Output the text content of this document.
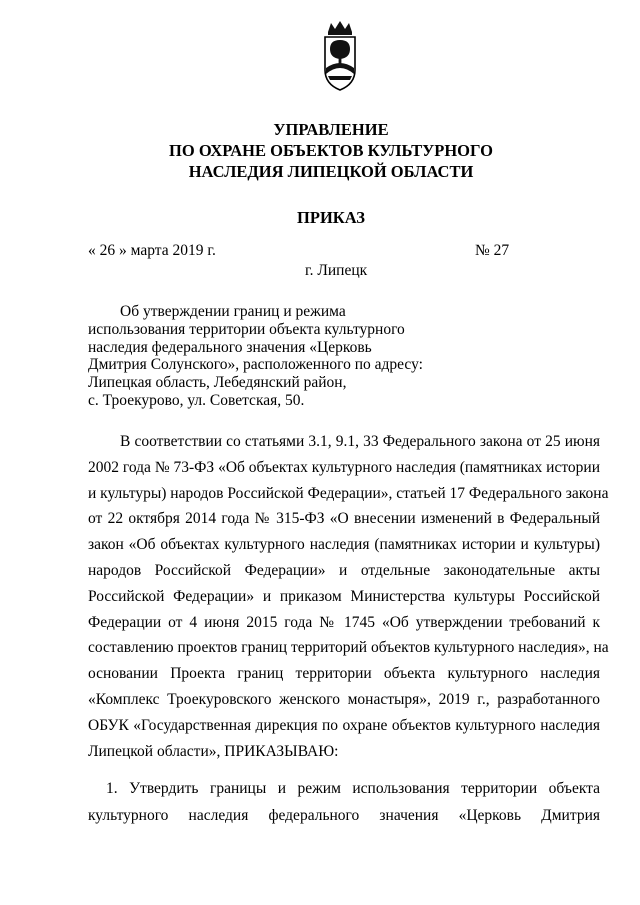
УПРАВЛЕНИЕ
ПО ОХРАНЕ ОБЪЕКТОВ КУЛЬТУРНОГО
НАСЛЕДИЯ ЛИПЕЦКОЙ ОБЛАСТИ
ПРИКАЗ
« 26 » марта 2019 г.	№ 27
г. Липецк
Об утверждении границ и режима
использования территории объекта культурного
наследия федерального значения «Церковь
Дмитрия Солунского», расположенного по адресу:
Липецкая область, Лебедянский район,
с. Троекурово, ул. Советская, 50.
В соответствии со статьями 3.1, 9.1, 33 Федерального закона от 25 июня
2002 года № 73-ФЗ «Об объектах культурного наследия (памятниках истории
и культуры) народов Российской Федерации», статьей 17 Федерального закона
от 22 октября 2014 года № 315-ФЗ «О внесении изменений в Федеральный
закон «Об объектах культурного наследия (памятниках истории и культуры)
народов Российской Федерации» и отдельные законодательные акты
Российской Федерации» и приказом Министерства культуры Российской
Федерации от 4 июня 2015 года № 1745 «Об утверждении требований к
составлению проектов границ территорий объектов культурного наследия», на
основании Проекта границ территории объекта культурного наследия
«Комплекс Троекуровского женского монастыря», 2019 г., разработанного
ОБУК «Государственная дирекция по охране объектов культурного наследия
Липецкой области», ПРИКАЗЫВАЮ:
1. Утвердить границы и режим использования территории объекта
культурного наследия федерального значения «Церковь Дмитрия
